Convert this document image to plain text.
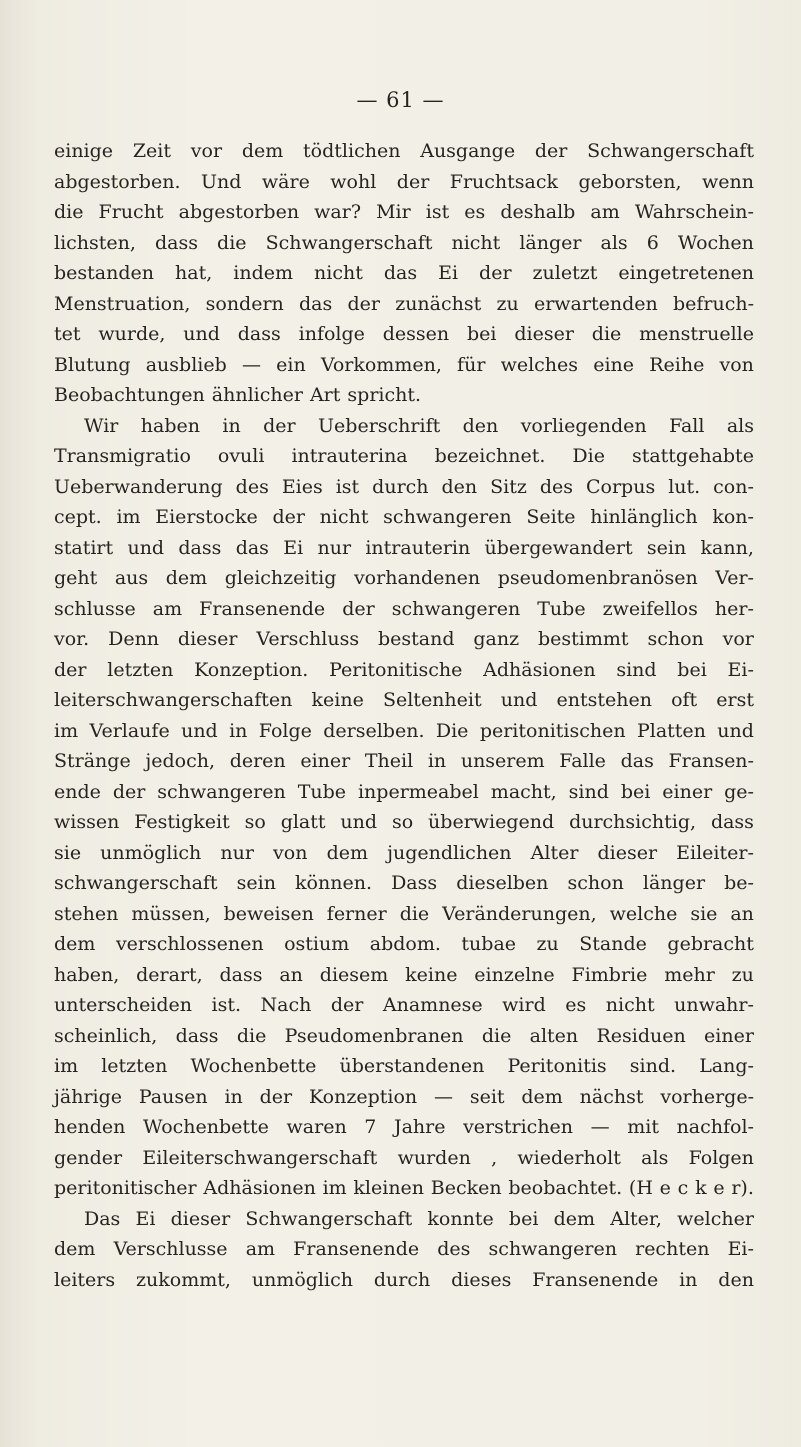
— 61 —
einige Zeit vor dem tödtlichen Ausgange der Schwangerschaft
abgestorben. Und wäre wohl der Fruchtsack geborsten, wenn
die Frucht abgestorben war? Mir ist es deshalb am Wahrschein-
lichsten, dass die Schwangerschaft nicht länger als 6 Wochen
bestanden hat, indem nicht das Ei der zuletzt eingetretenen
Menstruation, sondern das der zunächst zu erwartenden befruch-
tet wurde, und dass infolge dessen bei dieser die menstruelle
Blutung ausblieb — ein Vorkommen, für welches eine Reihe von
Beobachtungen ähnlicher Art spricht.
Wir haben in der Ueberschrift den vorliegenden Fall als
Transmigratio ovuli intrauterina bezeichnet. Die stattgehabte
Ueberwanderung des Eies ist durch den Sitz des Corpus lut. con-
cept. im Eierstocke der nicht schwangeren Seite hinlänglich kon-
statirt und dass das Ei nur intrauterin übergewandert sein kann,
geht aus dem gleichzeitig vorhandenen pseudomenbranösen Ver-
schlusse am Fransenende der schwangeren Tube zweifellos her-
vor. Denn dieser Verschluss bestand ganz bestimmt schon vor
der letzten Konzeption. Peritonitische Adhäsionen sind bei Ei-
leiterschwangerschaften keine Seltenheit und entstehen oft erst
im Verlaufe und in Folge derselben. Die peritonitischen Platten und
Stränge jedoch, deren einer Theil in unserem Falle das Fransen-
ende der schwangeren Tube inpermeabel macht, sind bei einer ge-
wissen Festigkeit so glatt und so überwiegend durchsichtig, dass
sie unmöglich nur von dem jugendlichen Alter dieser Eileiter-
schwangerschaft sein können. Dass dieselben schon länger be-
stehen müssen, beweisen ferner die Veränderungen, welche sie an
dem verschlossenen ostium abdom. tubae zu Stande gebracht
haben, derart, dass an diesem keine einzelne Fimbrie mehr zu
unterscheiden ist. Nach der Anamnese wird es nicht unwahr-
scheinlich, dass die Pseudomenbranen die alten Residuen einer
im letzten Wochenbette überstandenen Peritonitis sind. Lang-
jährige Pausen in der Konzeption — seit dem nächst vorherge-
henden Wochenbette waren 7 Jahre verstrichen — mit nachfol-
gender Eileiterschwangerschaft wurden , wiederholt als Folgen
peritonitischer Adhäsionen im kleinen Becken beobachtet. (H e c k e r).
Das Ei dieser Schwangerschaft konnte bei dem Alter, welcher
dem Verschlusse am Fransenende des schwangeren rechten Ei-
leiters zukommt, unmöglich durch dieses Fransenende in den
